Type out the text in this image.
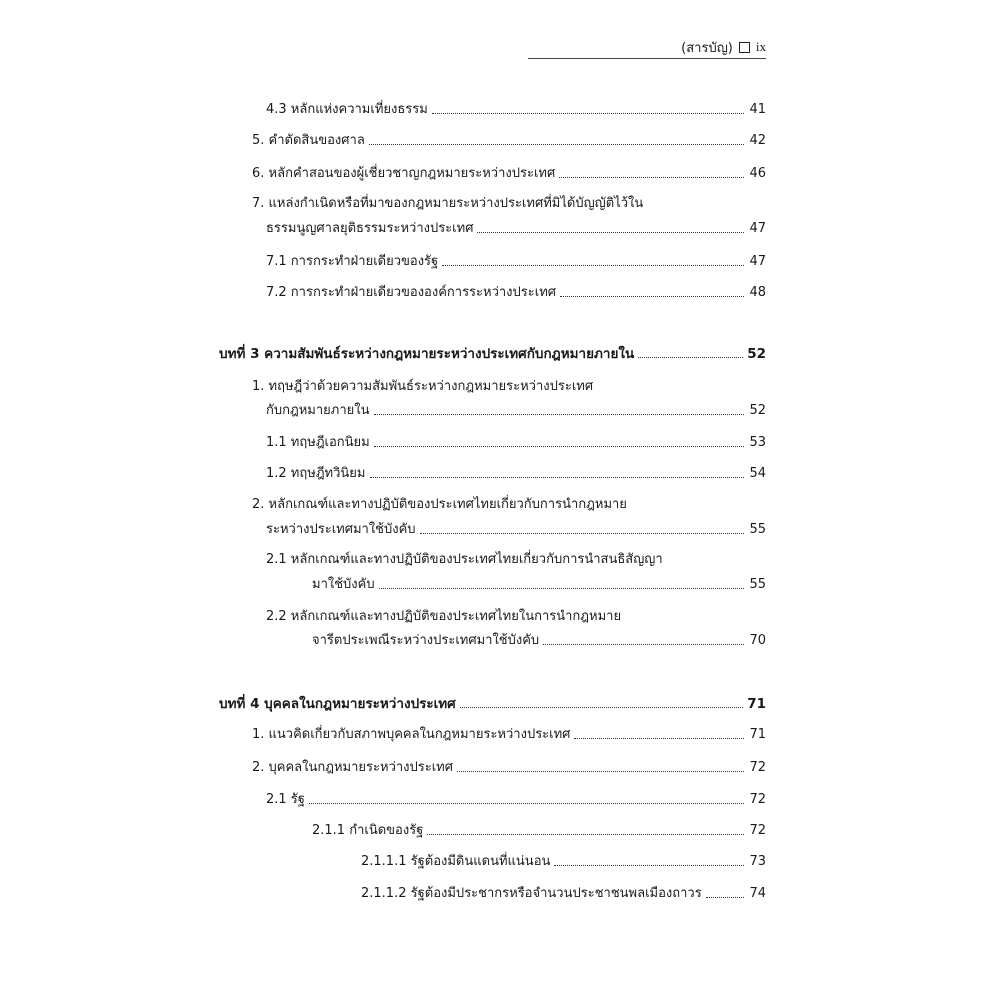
(สารบัญ) ix
4.3 หลักแห่งความเที่ยงธรรม	41
5. คำตัดสินของศาล	42
6. หลักคำสอนของผู้เชี่ยวชาญกฎหมายระหว่างประเทศ	46
7. แหล่งกำเนิดหรือที่มาของกฎหมายระหว่างประเทศที่มิได้บัญญัติไว้ใน
ธรรมนูญศาลยุติธรรมระหว่างประเทศ	47
7.1 การกระทำฝ่ายเดียวของรัฐ	47
7.2 การกระทำฝ่ายเดียวขององค์การระหว่างประเทศ	48
บทที่ 3 ความสัมพันธ์ระหว่างกฎหมายระหว่างประเทศกับกฎหมายภายใน	52
1. ทฤษฎีว่าด้วยความสัมพันธ์ระหว่างกฎหมายระหว่างประเทศ
กับกฎหมายภายใน	52
1.1 ทฤษฎีเอกนิยม	53
1.2 ทฤษฎีทวินิยม	54
2. หลักเกณฑ์และทางปฏิบัติของประเทศไทยเกี่ยวกับการนำกฎหมาย
ระหว่างประเทศมาใช้บังคับ	55
2.1 หลักเกณฑ์และทางปฏิบัติของประเทศไทยเกี่ยวกับการนำสนธิสัญญา
มาใช้บังคับ	55
2.2 หลักเกณฑ์และทางปฏิบัติของประเทศไทยในการนำกฎหมาย
จารีตประเพณีระหว่างประเทศมาใช้บังคับ	70
บทที่ 4 บุคคลในกฎหมายระหว่างประเทศ	71
1. แนวคิดเกี่ยวกับสภาพบุคคลในกฎหมายระหว่างประเทศ	71
2. บุคคลในกฎหมายระหว่างประเทศ	72
2.1 รัฐ	72
2.1.1 กำเนิดของรัฐ	72
2.1.1.1 รัฐต้องมีดินแดนที่แน่นอน	73
2.1.1.2 รัฐต้องมีประชากรหรือจำนวนประชาชนพลเมืองถาวร	74
